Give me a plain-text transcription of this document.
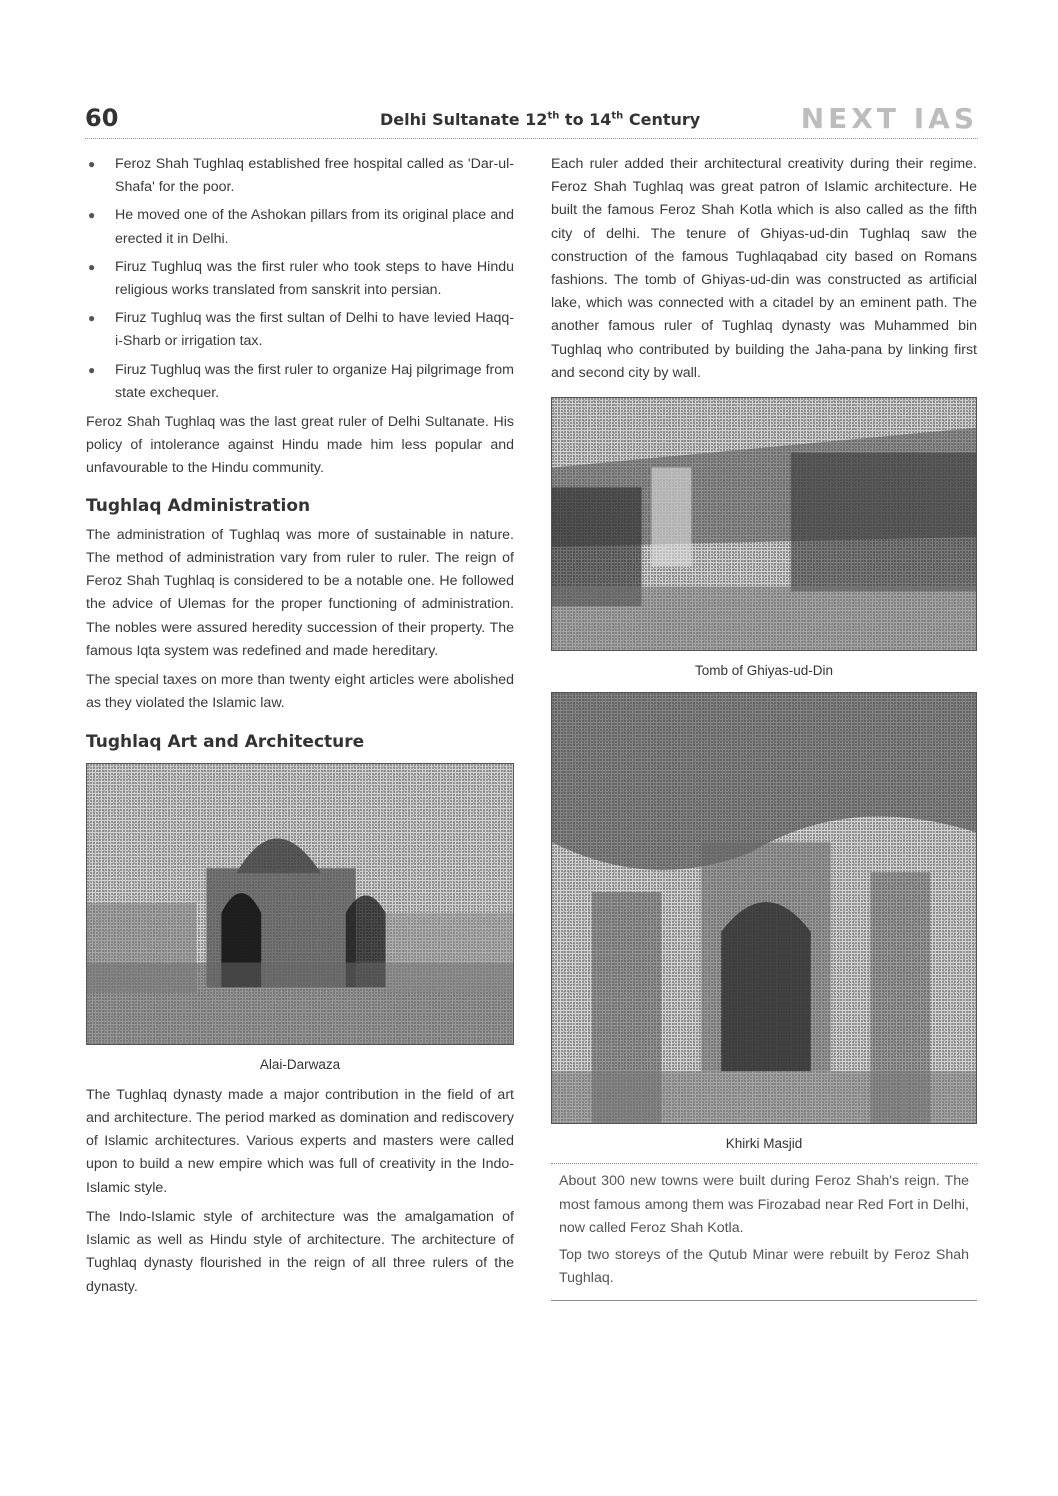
60	Delhi Sultanate 12th to 14th Century	NEXT IAS
● Feroz Shah Tughlaq established free hospital called as 'Dar-ul-Shafa' for the poor.
● He moved one of the Ashokan pillars from its original place and erected it in Delhi.
● Firuz Tughluq was the first ruler who took steps to have Hindu religious works translated from sanskrit into persian.
● Firuz Tughluq was the first sultan of Delhi to have levied Haqq-i-Sharb or irrigation tax.
● Firuz Tughluq was the first ruler to organize Haj pilgrimage from state exchequer.

Feroz Shah Tughlaq was the last great ruler of Delhi Sultanate. His policy of intolerance against Hindu made him less popular and unfavourable to the Hindu community.

Tughlaq Administration

The administration of Tughlaq was more of sustainable in nature. The method of administration vary from ruler to ruler. The reign of Feroz Shah Tughlaq is considered to be a notable one. He followed the advice of Ulemas for the proper functioning of administration. The nobles were assured heredity succession of their property. The famous Iqta system was redefined and made hereditary.

The special taxes on more than twenty eight articles were abolished as they violated the Islamic law.

Tughlaq Art and Architecture
Alai-Darwaza

The Tughlaq dynasty made a major contribution in the field of art and architecture. The period marked as domination and rediscovery of Islamic architectures. Various experts and masters were called upon to build a new empire which was full of creativity in the Indo-Islamic style.

The Indo-Islamic style of architecture was the amalgamation of Islamic as well as Hindu style of architecture. The architecture of Tughlaq dynasty flourished in the reign of all three rulers of the dynasty.

Each ruler added their architectural creativity during their regime. Feroz Shah Tughlaq was great patron of Islamic architecture. He built the famous Feroz Shah Kotla which is also called as the fifth city of delhi. The tenure of Ghiyas-ud-din Tughlaq saw the construction of the famous Tughlaqabad city based on Romans fashions. The tomb of Ghiyas-ud-din was constructed as artificial lake, which was connected with a citadel by an eminent path. The another famous ruler of Tughlaq dynasty was Muhammed bin Tughlaq who contributed by building the Jaha-pana by linking first and second city by wall.

Tomb of Ghiyas-ud-Din
Khirki Masjid

About 300 new towns were built during Feroz Shah's reign. The most famous among them was Firozabad near Red Fort in Delhi, now called Feroz Shah Kotla.

Top two storeys of the Qutub Minar were rebuilt by Feroz Shah Tughlaq.
